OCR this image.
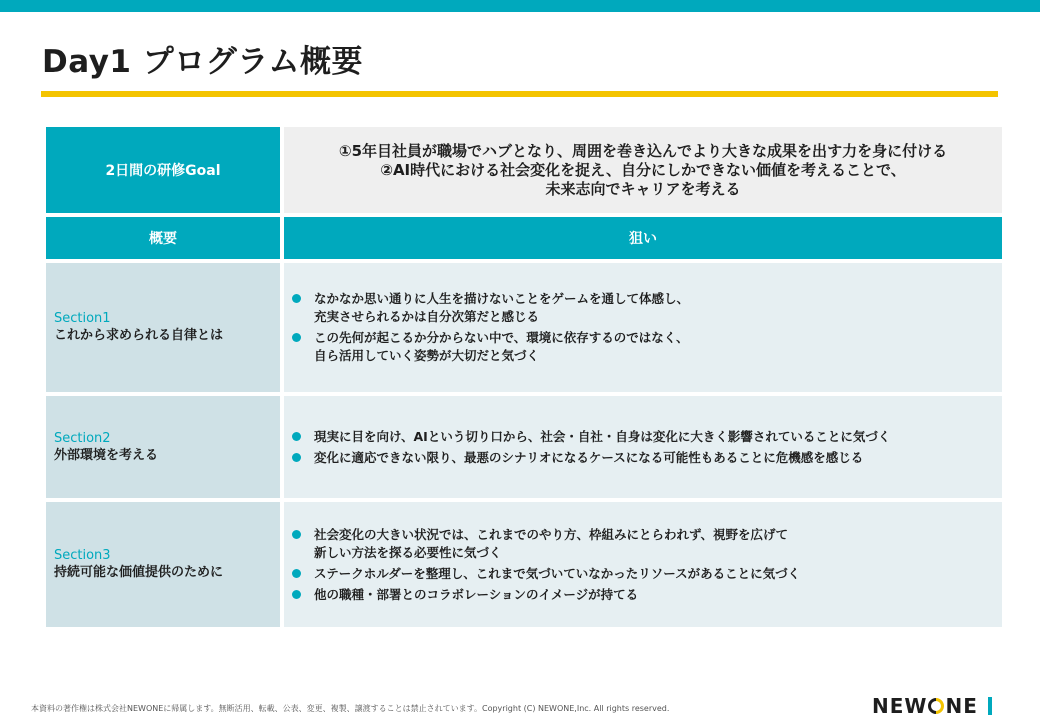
Day1 プログラム概要
2日間の研修Goal
①5年目社員が職場でハブとなり、周囲を巻き込んでより大きな成果を出す力を身に付ける
②AI時代における社会変化を捉え、自分にしかできない価値を考えることで、
未来志向でキャリアを考える
概要	狙い
Section1
これから求められる自律とは
なかなか思い通りに人生を描けないことをゲームを通して体感し、
充実させられるかは自分次第だと感じる
この先何が起こるか分からない中で、環境に依存するのではなく、
自ら活用していく姿勢が大切だと気づく
Section2
外部環境を考える
現実に目を向け、AIという切り口から、社会・自社・自身は変化に大きく影響されていることに気づく
変化に適応できない限り、最悪のシナリオになるケースになる可能性もあることに危機感を感じる
Section3
持続可能な価値提供のために
社会変化の大きい状況では、これまでのやり方、枠組みにとらわれず、視野を広げて
新しい方法を探る必要性に気づく
ステークホルダーを整理し、これまで気づいていなかったリソースがあることに気づく
他の職種・部署とのコラボレーションのイメージが持てる
本資料の著作権は株式会社NEWONEに帰属します。無断活用、転載、公表、変更、複製、譲渡することは禁止されています。Copyright (C) NEWONE,Inc. All rights reserved.	NEW NE
